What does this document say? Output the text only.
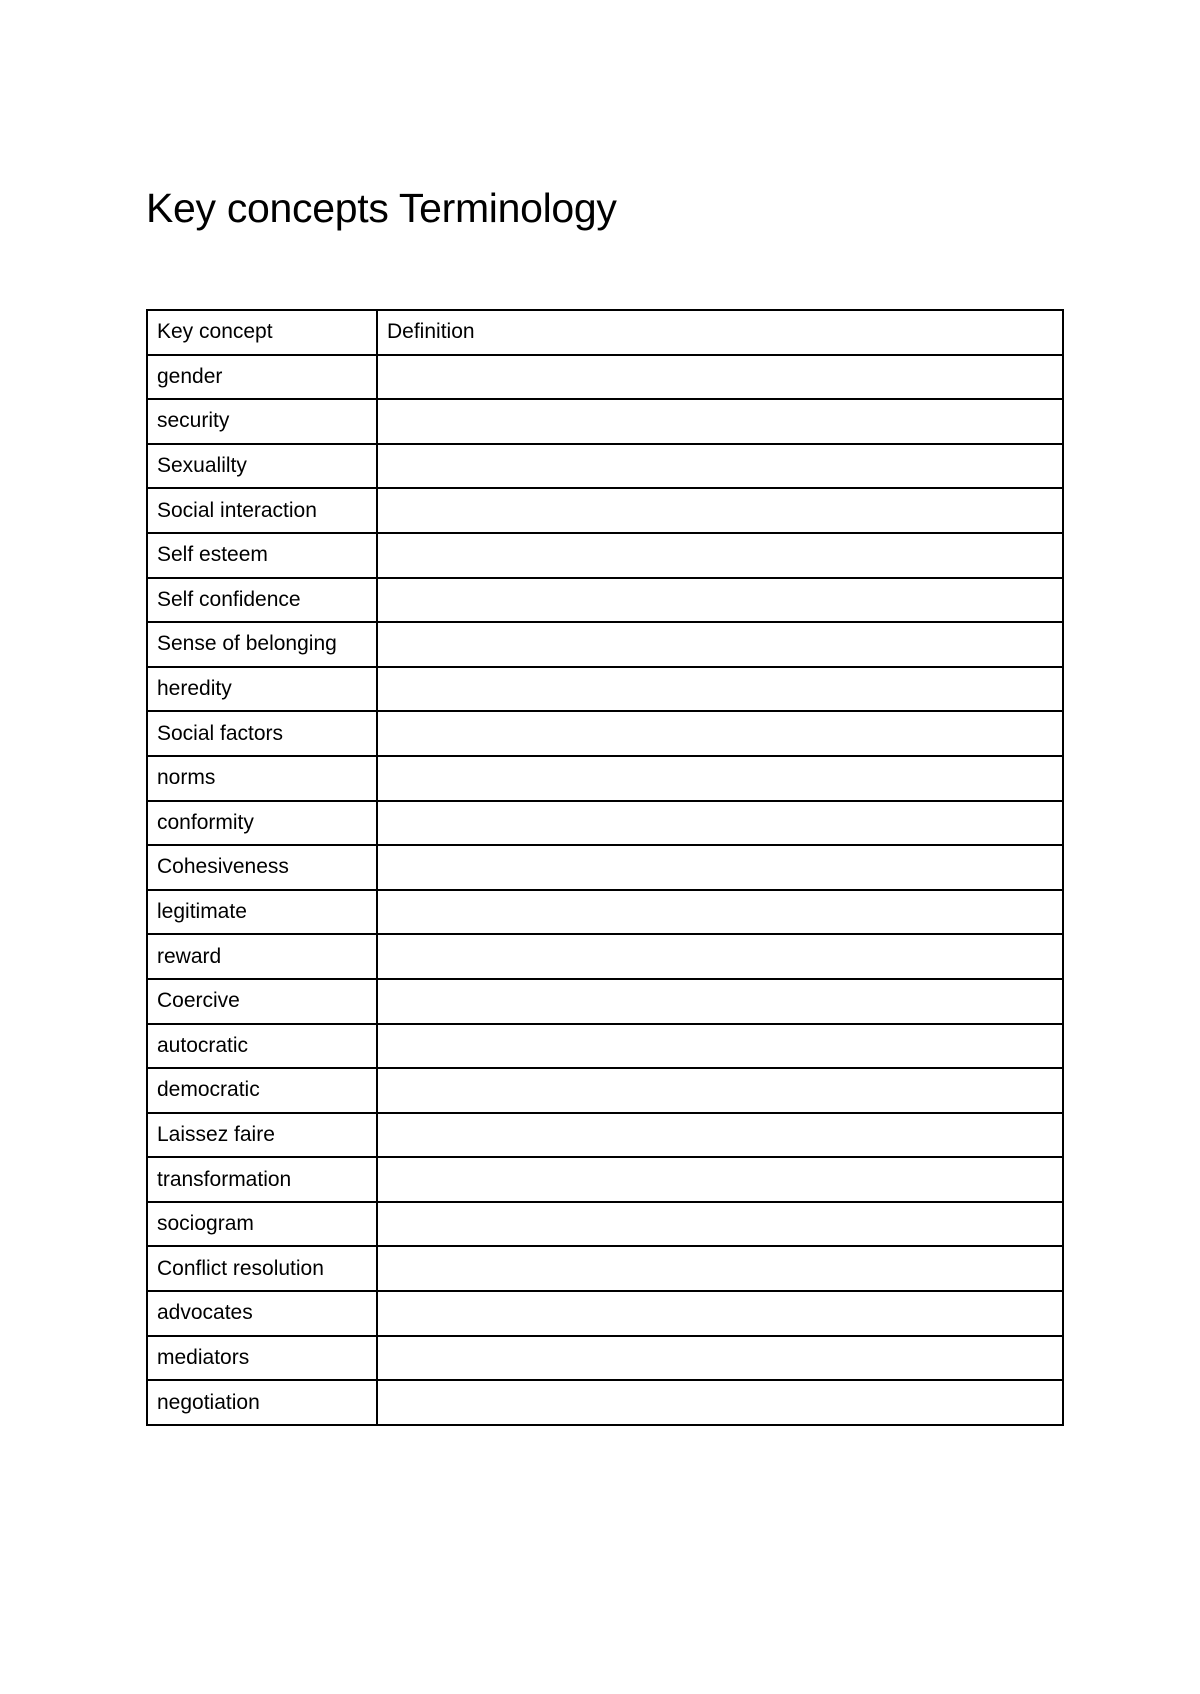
Key concepts Terminology
Key concept	Definition
gender	
security	
Sexualilty	
Social interaction	
Self esteem	
Self confidence	
Sense of belonging	
heredity	
Social factors	
norms	
conformity	
Cohesiveness	
legitimate	
reward	
Coercive	
autocratic	
democratic	
Laissez faire	
transformation	
sociogram	
Conflict resolution	
advocates	
mediators	
negotiation	
